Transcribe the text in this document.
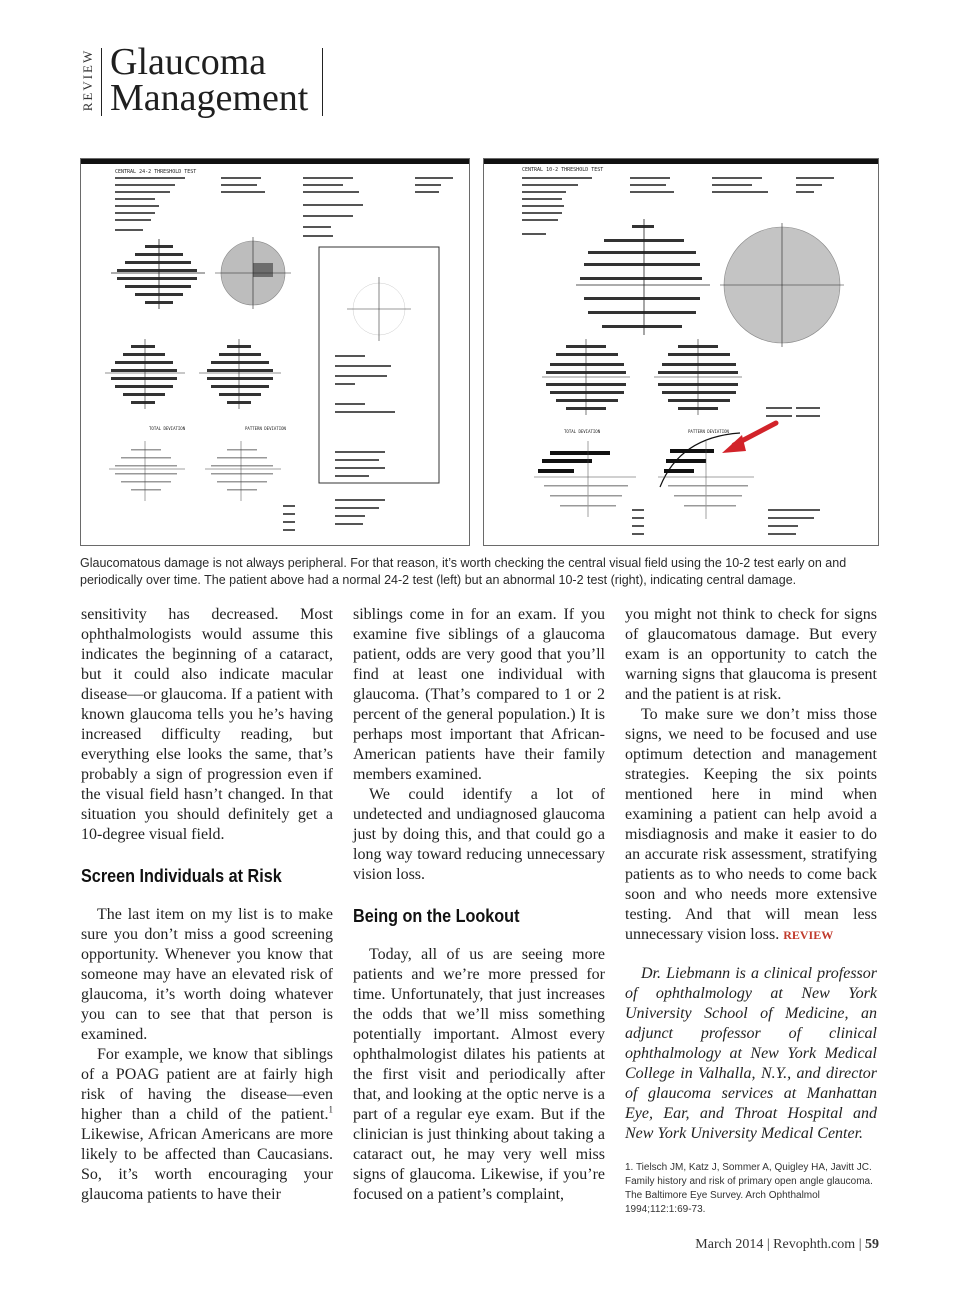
REVIEW Glaucoma
Management
CENTRAL 24-2 THRESHOLD TEST
TOTAL DEVIATION	PATTERN DEVIATION
CENTRAL 10-2 THRESHOLD TEST
TOTAL DEVIATION	PATTERN DEVIATION
Glaucomatous damage is not always peripheral. For that reason, it’s worth checking the central visual field using the 10-2 test early on and periodically over time. The patient above had a normal 24-2 test (left) but an abnormal 10-2 test (right), indicating central damage.

sensitivity has decreased. Most ophthalmologists would assume this indicates the beginning of a cataract, but it could also indicate macular disease—or glaucoma. If a patient with known glaucoma tells you he’s having increased difficulty reading, but everything else looks the same, that’s probably a sign of progression even if the visual field hasn’t changed. In that situation you should definitely get a 10-degree visual field.

Screen Individuals at Risk

The last item on my list is to make sure you don’t miss a good screening opportunity. Whenever you know that someone may have an elevated risk of glaucoma, it’s worth doing whatever you can to see that that person is examined.

For example, we know that siblings of a POAG patient are at fairly high risk of having the disease—even higher than a child of the patient.$^1$ Likewise, African Americans are more likely to be affected than Caucasians. So, it’s worth encouraging your glaucoma patients to have their

siblings come in for an exam. If you examine five siblings of a glaucoma patient, odds are very good that you’ll find at least one individual with glaucoma. (That’s compared to 1 or 2 percent of the general population.) It is perhaps most important that African-American patients have their family members examined.

We could identify a lot of undetected and undiagnosed glaucoma just by doing this, and that could go a long way toward reducing unnecessary vision loss.

Being on the Lookout

Today, all of us are seeing more patients and we’re more pressed for time. Unfortunately, that just increases the odds that we’ll miss something potentially important. Almost every ophthalmologist dilates his patients at the first visit and periodically after that, and looking at the optic nerve is a part of a regular eye exam. But if the clinician is just thinking about taking a cataract out, he may very well miss signs of glaucoma. Likewise, if you’re focused on a patient’s complaint,

you might not think to check for signs of glaucomatous damage. But every exam is an opportunity to catch the warning signs that glaucoma is present and the patient is at risk.

To make sure we don’t miss those signs, we need to be focused and use optimum detection and management strategies. Keeping the six points mentioned here in mind when examining a patient can help avoid a misdiagnosis and make it easier to do an accurate risk assessment, stratifying patients as to who needs to come back soon and who needs more extensive testing. And that will mean less unnecessary vision loss. REVIEW

Dr. Liebmann is a clinical professor of ophthalmology at New York University School of Medicine, an adjunct professor of clinical ophthalmology at New York Medical College in Valhalla, N.Y., and director of glaucoma services at Manhattan Eye, Ear, and Throat Hospital and New York University Medical Center.

1. Tielsch JM, Katz J, Sommer A, Quigley HA, Javitt JC. Family history and risk of primary open angle glaucoma. The Baltimore Eye Survey. Arch Ophthalmol 1994;112:1:69-73.
March 2014 | Revophth.com | 59
